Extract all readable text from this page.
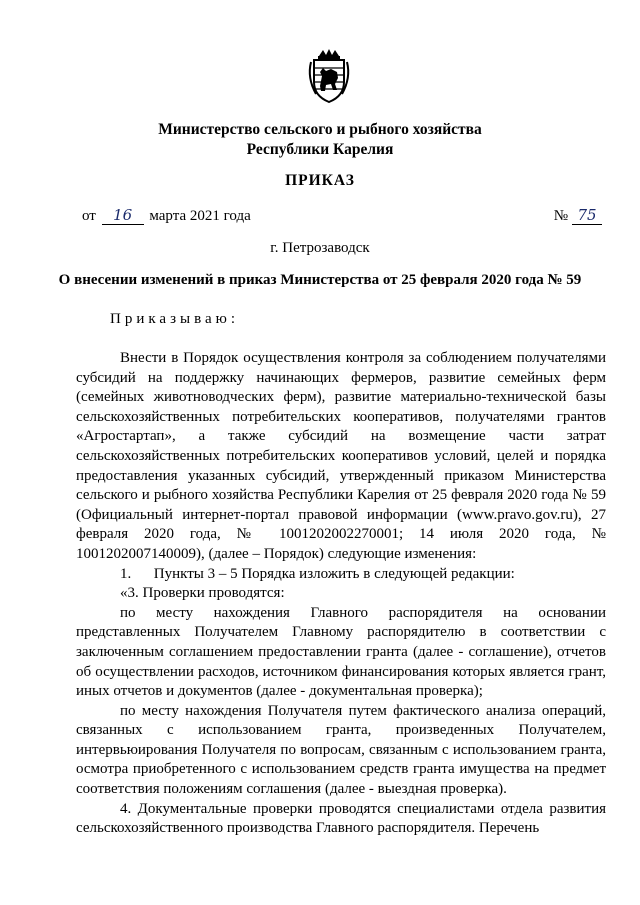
Министерство сельского и рыбного хозяйства
Республики Карелия
ПРИКАЗ
от 16 марта 2021 года	№ 75
г. Петрозаводск
О внесении изменений в приказ Министерства от 25 февраля 2020 года № 59
Приказываю:

Внести в Порядок осуществления контроля за соблюдением получателями субсидий на поддержку начинающих фермеров, развитие семейных ферм (семейных животноводческих ферм), развитие материально-технической базы сельскохозяйственных потребительских кооперативов, получателями грантов «Агростартап», а также субсидий на возмещение части затрат сельскохозяйственных потребительских кооперативов условий, целей и порядка предоставления указанных субсидий, утвержденный приказом Министерства сельского и рыбного хозяйства Республики Карелия от 25 февраля 2020 года № 59 (Официальный интернет-портал правовой информации (www.pravo.gov.ru), 27 февраля 2020 года, № 1001202002270001; 14 июля 2020 года, № 1001202007140009), (далее – Порядок) следующие изменения:

1.      Пункты 3 – 5 Порядка изложить в следующей редакции:

«3. Проверки проводятся:

по месту нахождения Главного распорядителя на основании представленных Получателем Главному распорядителю в соответствии с заключенным соглашением предоставлении гранта (далее - соглашение), отчетов об осуществлении расходов, источником финансирования которых является грант, иных отчетов и документов (далее - документальная проверка);

по месту нахождения Получателя путем фактического анализа операций, связанных с использованием гранта, произведенных Получателем, интервьюирования Получателя по вопросам, связанным с использованием гранта, осмотра приобретенного с использованием средств гранта имущества на предмет соответствия положениям соглашения (далее - выездная проверка).

4. Документальные проверки проводятся специалистами отдела развития сельскохозяйственного производства Главного распорядителя. Перечень
